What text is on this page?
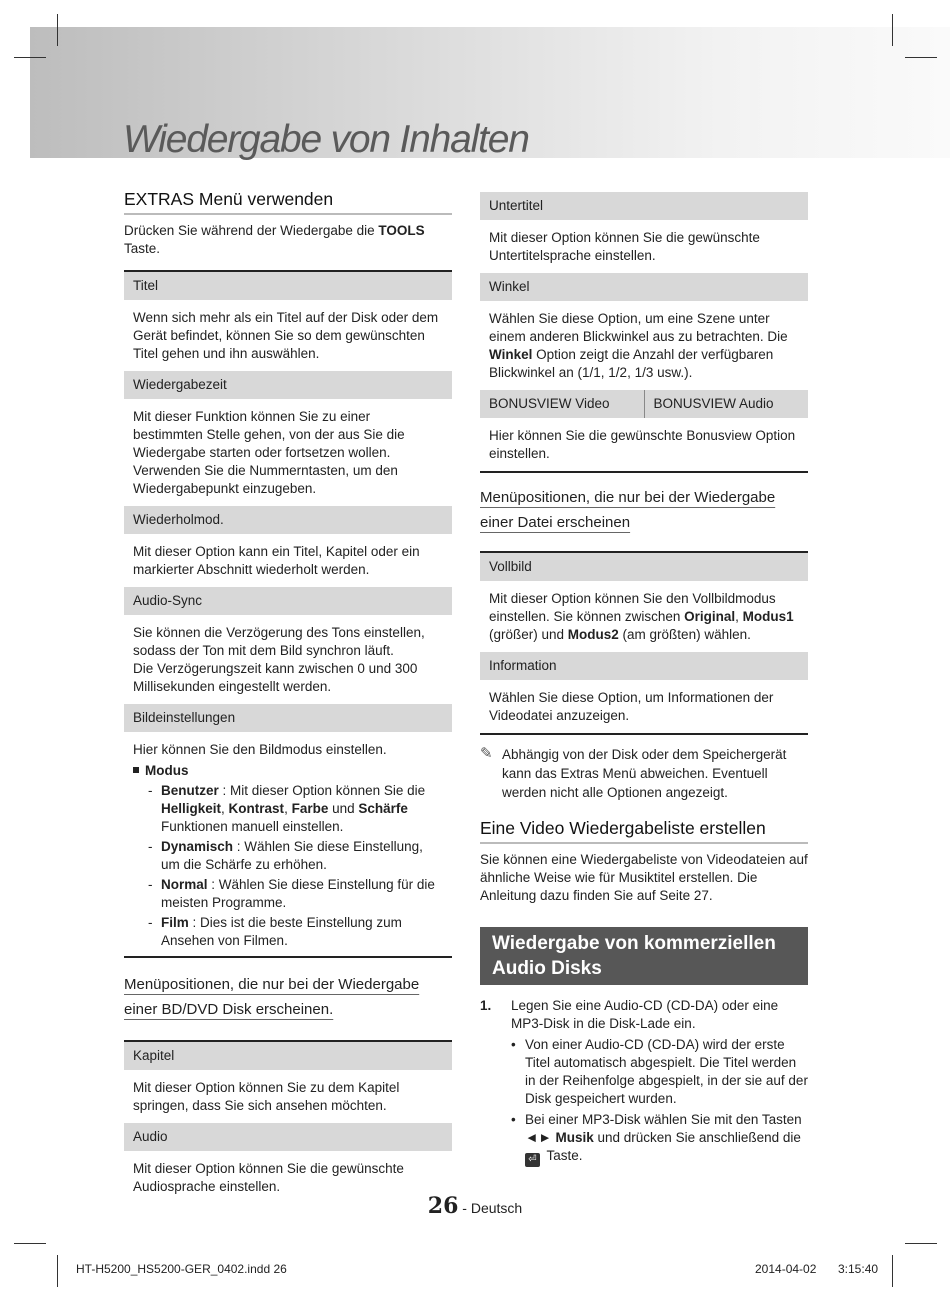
Wiedergabe von Inhalten
EXTRAS Menü verwenden

Drücken Sie während der Wiedergabe die TOOLS Taste.

Titel

Wenn sich mehr als ein Titel auf der Disk oder dem Gerät befindet, können Sie so dem gewünschten Titel gehen und ihn auswählen.

Wiedergabezeit

Mit dieser Funktion können Sie zu einer bestimmten Stelle gehen, von der aus Sie die Wiedergabe starten oder fortsetzen wollen. Verwenden Sie die Nummerntasten, um den Wiedergabepunkt einzugeben.

Wiederholmod.

Mit dieser Option kann ein Titel, Kapitel oder ein markierter Abschnitt wiederholt werden.

Audio-Sync
Sie können die Verzögerung des Tons einstellen, sodass der Ton mit dem Bild synchron läuft.
Die Verzögerungszeit kann zwischen 0 und 300 Millisekunden eingestellt werden.
Bildeinstellungen
Hier können Sie den Bildmodus einstellen.
Modus
- Benutzer : Mit dieser Option können Sie die Helligkeit, Kontrast, Farbe und Schärfe Funktionen manuell einstellen.
- Dynamisch : Wählen Sie diese Einstellung, um die Schärfe zu erhöhen.
- Normal : Wählen Sie diese Einstellung für die meisten Programme.
- Film : Dies ist die beste Einstellung zum Ansehen von Filmen.
Menüpositionen, die nur bei der Wiedergabe
einer BD/DVD Disk erscheinen.
Kapitel

Mit dieser Option können Sie zu dem Kapitel springen, dass Sie sich ansehen möchten.

Audio

Mit dieser Option können Sie die gewünschte Audiosprache einstellen.

Untertitel

Mit dieser Option können Sie die gewünschte Untertitelsprache einstellen.

Winkel

Wählen Sie diese Option, um eine Szene unter einem anderen Blickwinkel aus zu betrachten. Die Winkel Option zeigt die Anzahl der verfügbaren Blickwinkel an (1/1, 1/2, 1/3 usw.).

BONUSVIEW Video	BONUSVIEW Audio

Hier können Sie die gewünschte Bonusview Option einstellen.

Menüpositionen, die nur bei der Wiedergabe
einer Datei erscheinen
Vollbild

Mit dieser Option können Sie den Vollbildmodus einstellen. Sie können zwischen Original, Modus1 (größer) und Modus2 (am größten) wählen.

Information

Wählen Sie diese Option, um Informationen der Videodatei anzuzeigen.

✎ Abhängig von der Disk oder dem Speichergerät kann das Extras Menü abweichen. Eventuell werden nicht alle Optionen angezeigt.

Eine Video Wiedergabeliste erstellen

Sie können eine Wiedergabeliste von Videodateien auf ähnliche Weise wie für Musiktitel erstellen. Die Anleitung dazu finden Sie auf Seite 27.

Wiedergabe von kommerziellen Audio Disks
1. Legen Sie eine Audio-CD (CD-DA) oder eine MP3-Disk in die Disk-Lade ein.
• Von einer Audio-CD (CD-DA) wird der erste Titel automatisch abgespielt. Die Titel werden in der Reihenfolge abgespielt, in der sie auf der Disk gespeichert wurden.
• Bei einer MP3-Disk wählen Sie mit den Tasten ◄► Musik und drücken Sie anschließend die
⏎ Taste.
26 - Deutsch
HT-H5200_HS5200-GER_0402.indd 26	2014-04-02 3:15:40
